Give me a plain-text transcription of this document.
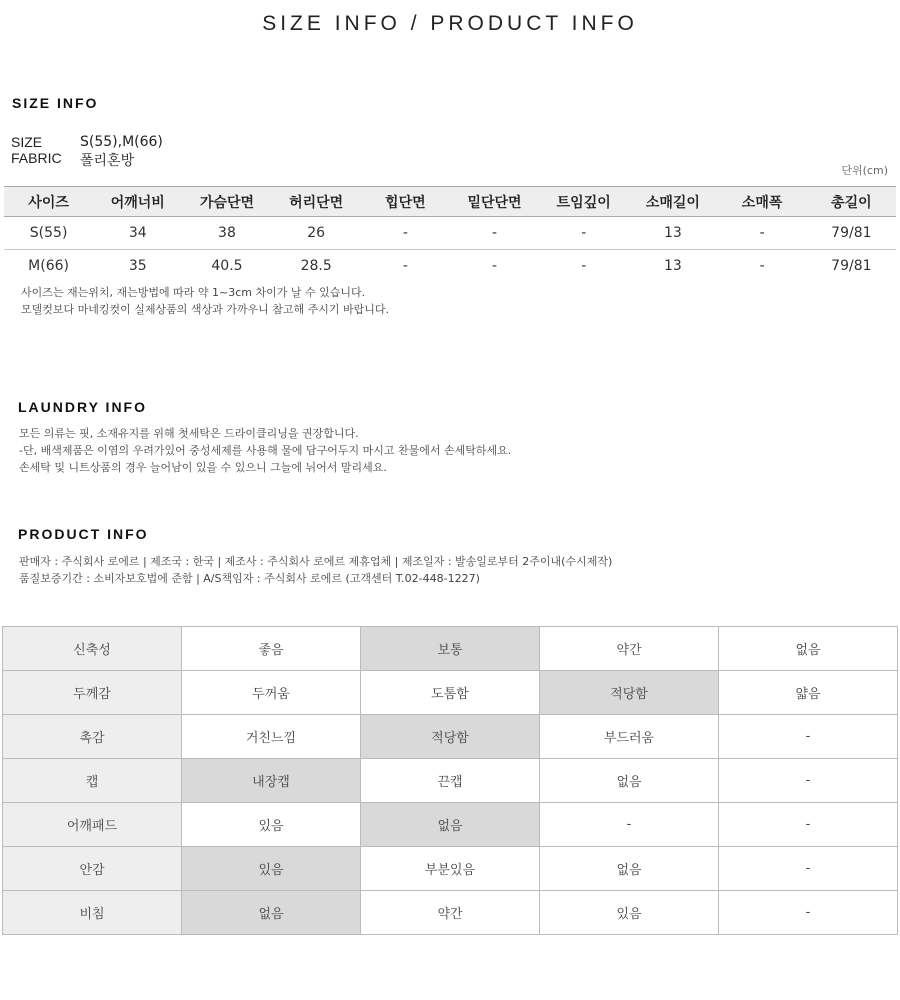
SIZE INFO / PRODUCT INFO
SIZE INFO
SIZE	S(55),M(66)
FABRIC 폴리혼방
단위(cm)
사이즈	어깨너비	가슴단면	허리단면	힙단면	밑단단면	트임깊이	소매길이	소매폭	총길이
S(55)	34	38	26	-	-	-	13	-	79/81
M(66)	35	40.5	28.5	-	-	-	13	-	79/81
사이즈는 재는위치, 재는방법에 따라 약 1~3cm 차이가 날 수 있습니다.
모델컷보다 마네킹컷이 실제상품의 색상과 가까우니 참고해 주시기 바랍니다.
LAUNDRY INFO
모든 의류는 핏, 소재유지를 위해 첫세탁은 드라이클리닝을 권장합니다.
-단, 배색제품은 이염의 우려가있어 중성세제를 사용해 물에 담구어두지 마시고 찬물에서 손세탁하세요.
손세탁 및 니트상품의 경우 늘어남이 있을 수 있으니 그늘에 뉘어서 말리세요.
PRODUCT INFO
판매자 : 주식회사 로에르 | 제조국 : 한국 | 제조사 : 주식회사 로에르 제휴업체 | 제조일자 : 발송일로부터 2주이내(수시제작)
품질보증기간 : 소비자보호법에 준함 | A/S책임자 : 주식회사 로에르 (고객센터 T.02-448-1227)
신축성	좋음	보통	약간	없음
두께감	두꺼움	도톰함	적당함	얇음
촉감	거친느낌	적당함	부드러움	-
캡	내장캡	끈캡	없음	-
어깨패드	있음	없음	-	-
안감	있음	부분있음	없음	-
비침	없음	약간	있음	-
